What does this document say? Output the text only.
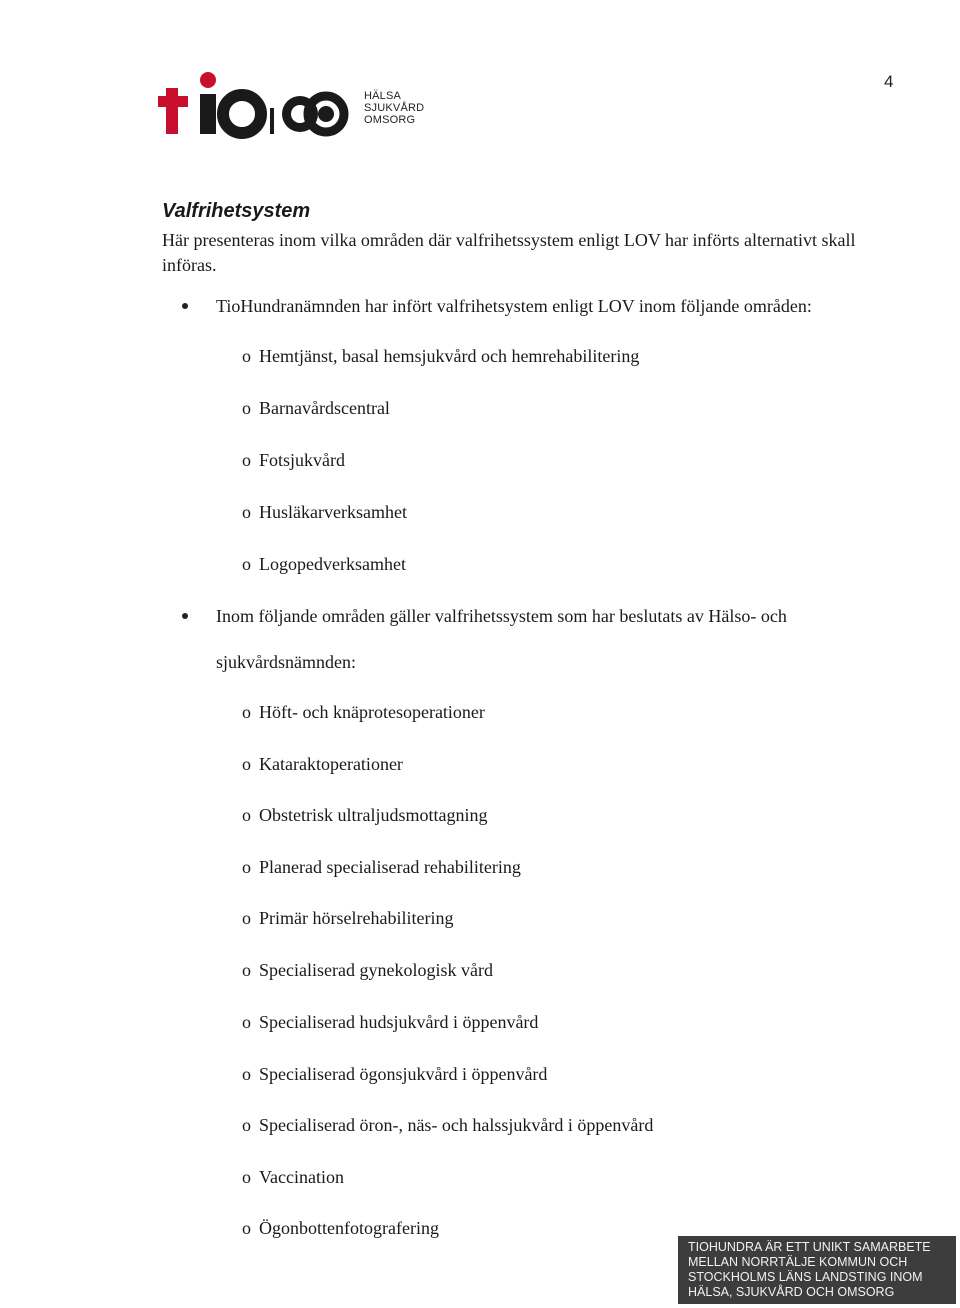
HÄLSA
SJUKVÅRD
OMSORG
4
Valfrihetsystem
Här presenteras inom vilka områden där valfrihetssystem enligt LOV har införts alternativt skall införas.
TioHundranämnden har infört valfrihetsystem enligt LOV inom följande områden:
o Hemtjänst, basal hemsjukvård och hemrehabilitering
o Barnavårdscentral
o Fotsjukvård
o Husläkarverksamhet
o Logopedverksamhet
Inom följande områden gäller valfrihetssystem som har beslutats av Hälso- och
sjukvårdsnämnden:
o Höft- och knäprotesoperationer
o Kataraktoperationer
o Obstetrisk ultraljudsmottagning
o Planerad specialiserad rehabilitering
o Primär hörselrehabilitering
o Specialiserad gynekologisk vård
o Specialiserad hudsjukvård i öppenvård
o Specialiserad ögonsjukvård i öppenvård
o Specialiserad öron-, näs- och halssjukvård i öppenvård
o Vaccination
o Ögonbottenfotografering
TIOHUNDRA ÄR ETT UNIKT SAMARBETE
MELLAN NORRTÄLJE KOMMUN OCH
STOCKHOLMS LÄNS LANDSTING INOM
HÄLSA, SJUKVÅRD OCH OMSORG
